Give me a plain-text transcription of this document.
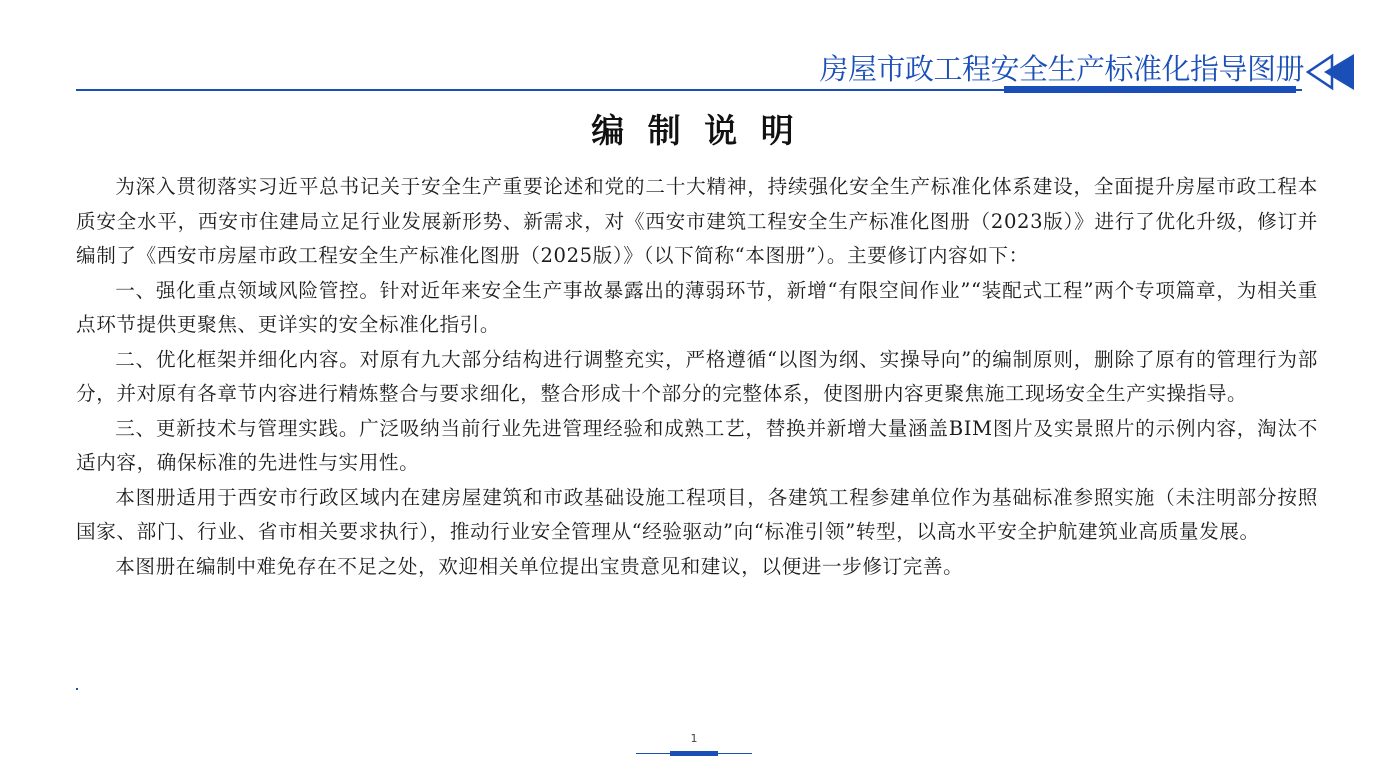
房屋市政工程安全生产标准化指导图册
编 制 说 明

为深入贯彻落实习近平总书记关于安全生产重要论述和党的二十大精神，持续强化安全生产标准化体系建设，全面提升房屋市政工程本质安全水平，西安市住建局立足行业发展新形势、新需求，对《西安市建筑工程安全生产标准化图册（2023版）》进行了优化升级，修订并编制了《西安市房屋市政工程安全生产标准化图册（2025版）》（以下简称“本图册”）。主要修订内容如下：

一、强化重点领域风险管控。针对近年来安全生产事故暴露出的薄弱环节，新增“有限空间作业”“装配式工程”两个专项篇章，为相关重点环节提供更聚焦、更详实的安全标准化指引。

二、优化框架并细化内容。对原有九大部分结构进行调整充实，严格遵循“以图为纲、实操导向”的编制原则，删除了原有的管理行为部分，并对原有各章节内容进行精炼整合与要求细化，整合形成十个部分的完整体系，使图册内容更聚焦施工现场安全生产实操指导。

三、更新技术与管理实践。广泛吸纳当前行业先进管理经验和成熟工艺，替换并新增大量涵盖BIM图片及实景照片的示例内容，淘汰不适内容，确保标准的先进性与实用性。

本图册适用于西安市行政区域内在建房屋建筑和市政基础设施工程项目，各建筑工程参建单位作为基础标准参照实施（未注明部分按照国家、部门、行业、省市相关要求执行），推动行业安全管理从“经验驱动”向“标准引领”转型，以高水平安全护航建筑业高质量发展。

本图册在编制中难免存在不足之处，欢迎相关单位提出宝贵意见和建议，以便进一步修订完善。

1
